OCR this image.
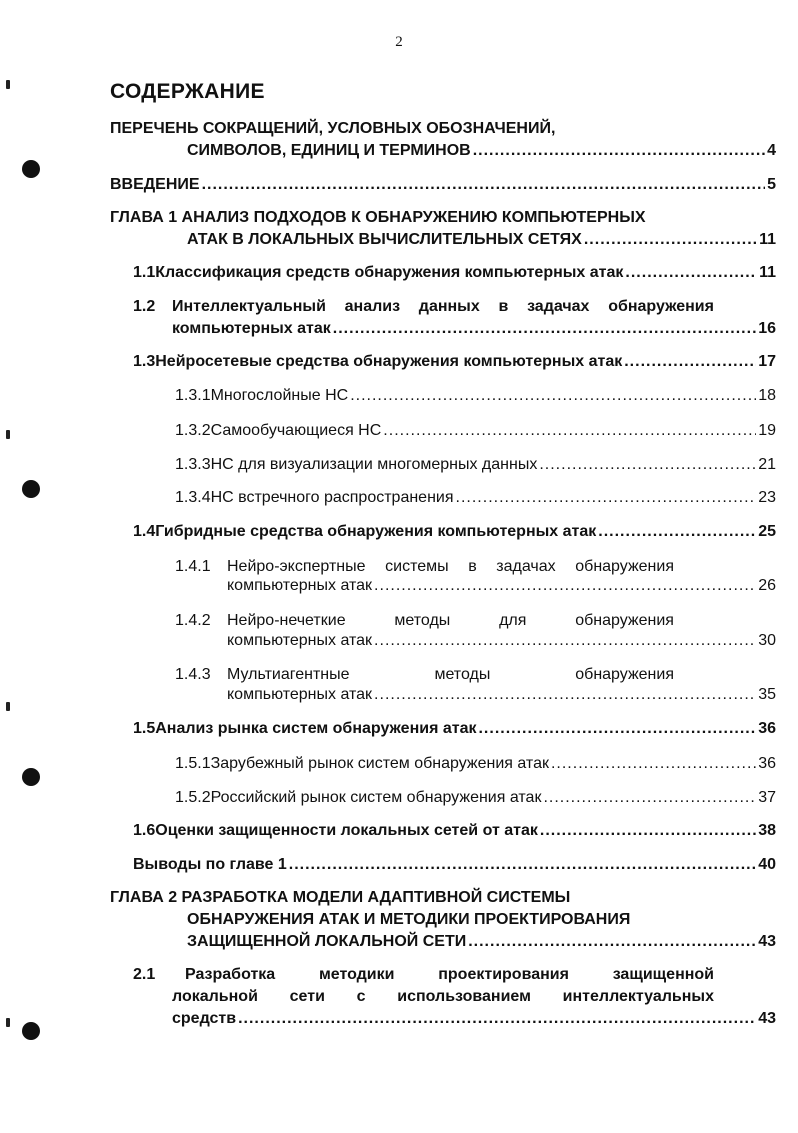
2
СОДЕРЖАНИЕ
ПЕРЕЧЕНЬ СОКРАЩЕНИЙ, УСЛОВНЫХ ОБОЗНАЧЕНИЙ,
СИМВОЛОВ, ЕДИНИЦ И ТЕРМИНОВ .....	4
ВВЕДЕНИЕ .....	5
ГЛАВА 1 АНАЛИЗ ПОДХОДОВ К ОБНАРУЖЕНИЮ КОМПЬЮТЕРНЫХ
АТАК В ЛОКАЛЬНЫХ ВЫЧИСЛИТЕЛЬНЫХ СЕТЯХ .....	11
1.1 Классификация средств обнаружения компьютерных атак .....	11
1.2	Интеллектуальный анализ данных в задачах обнаружения
компьютерных атак .....	16
1.3 Нейросетевые средства обнаружения компьютерных атак .....	17
1.3.1 Многослойные НС .....	18
1.3.2 Самообучающиеся НС .....	19
1.3.3 НС для визуализации многомерных данных .....	21
1.3.4 НС встречного распространения .....	23
1.4 Гибридные средства обнаружения компьютерных атак .....	25
1.4.1	Нейро-экспертные системы в задачах обнаружения
компьютерных атак .....	26
1.4.2	Нейро-нечеткие	методы	для	обнаружения
компьютерных атак .....	30
1.4.3	Мультиагентные	методы	обнаружения
компьютерных атак .....	35
1.5 Анализ рынка систем обнаружения атак .....	36
1.5.1 Зарубежный рынок систем обнаружения атак .....	36
1.5.2 Российский рынок систем обнаружения атак .....	37
1.6 Оценки защищенности локальных сетей от атак .....	38
Выводы по главе 1 .....	40
ГЛАВА 2 РАЗРАБОТКА МОДЕЛИ АДАПТИВНОЙ СИСТЕМЫ
ОБНАРУЖЕНИЯ АТАК И МЕТОДИКИ ПРОЕКТИРОВАНИЯ
ЗАЩИЩЕННОЙ ЛОКАЛЬНОЙ СЕТИ .....	43
2.1	Разработка	методики	проектирования	защищенной
локальной сети с использованием интеллектуальных
средств .....	43
